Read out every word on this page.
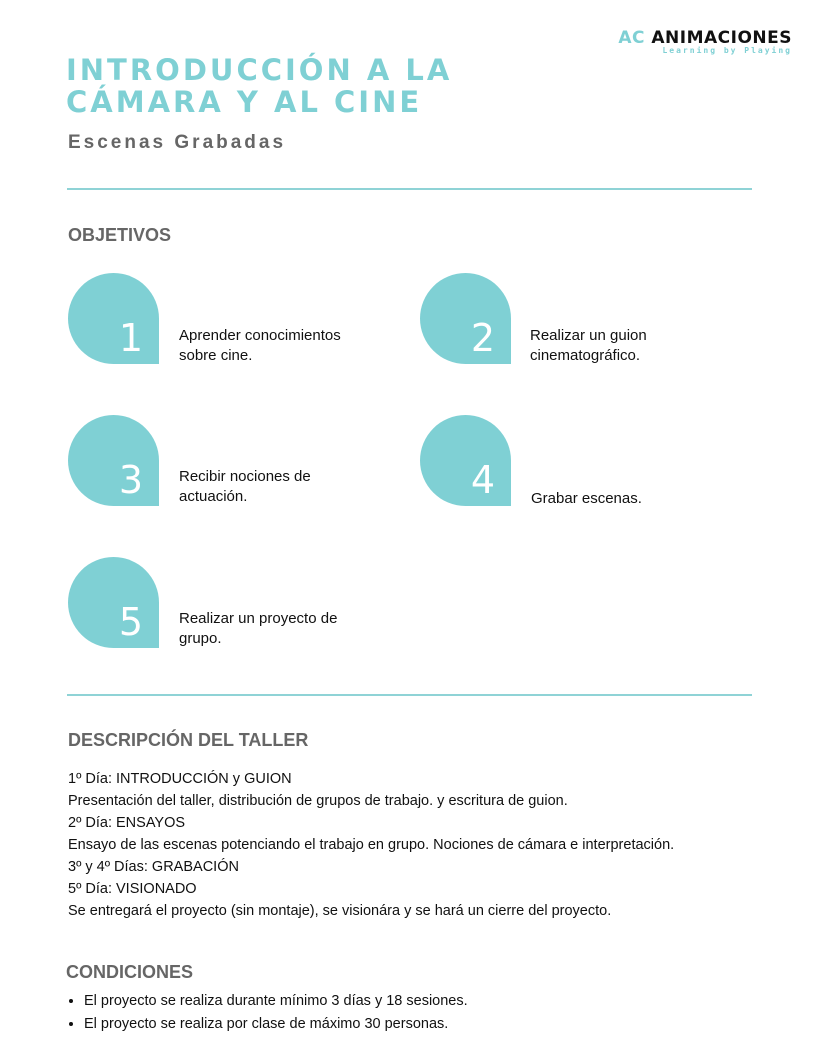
AC ANIMACIONES
Learning by Playing
INTRODUCCIÓN A LA
CÁMARA Y AL CINE
Escenas Grabadas
OBJETIVOS
1 Aprender conocimientos sobre cine.	2 Realizar un guion cinematográfico.
3 Recibir nociones de actuación.	4 Grabar escenas.
5 Realizar un proyecto de grupo.
DESCRIPCIÓN DEL TALLER
1º Día: INTRODUCCIÓN y GUION
Presentación del taller, distribución de grupos de trabajo. y escritura de guion.
2º Día: ENSAYOS
Ensayo de las escenas potenciando el trabajo en grupo. Nociones de cámara e interpretación.
3º y 4º Días: GRABACIÓN
5º Día: VISIONADO
Se entregará el proyecto (sin montaje), se visionára y se hará un cierre del proyecto.
CONDICIONES
• El proyecto se realiza durante mínimo 3 días y 18 sesiones.
• El proyecto se realiza por clase de máximo 30 personas.
